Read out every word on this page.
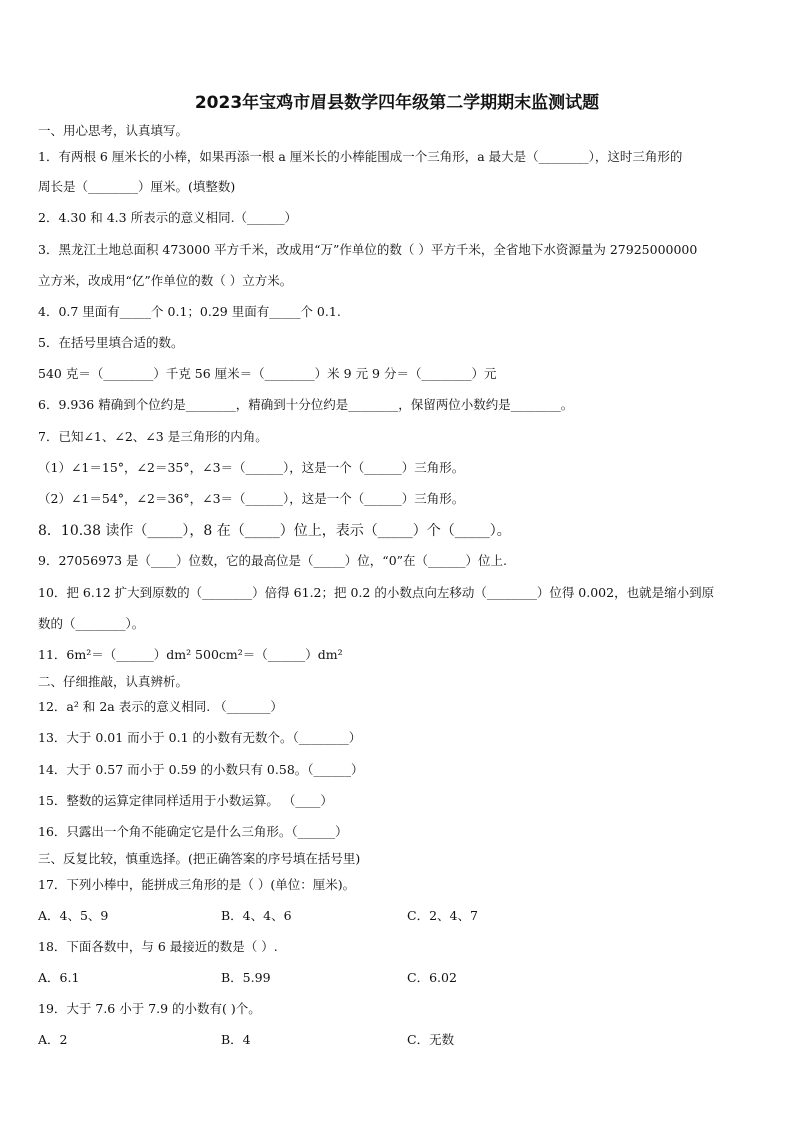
2023年宝鸡市眉县数学四年级第二学期期末监测试题
一、用心思考，认真填写。
1．有两根 6 厘米长的小棒，如果再添一根 a 厘米长的小棒能围成一个三角形，a 最大是（________），这时三角形的
周长是（________）厘米。(填整数)
2．4.30 和 4.3 所表示的意义相同.（______）
3．黑龙江土地总面积 473000 平方千米，改成用“万”作单位的数（ ）平方千米，全省地下水资源量为 27925000000
立方米，改成用“亿”作单位的数（ ）立方米。
4．0.7 里面有_____个 0.1；0.29 里面有_____个 0.1.
5．在括号里填合适的数。
540 克＝（________）千克 56 厘米＝（________）米 9 元 9 分＝（________）元
6．9.936 精确到个位约是________，精确到十分位约是________，保留两位小数约是________。
7．已知∠1、∠2、∠3 是三角形的内角。
（1）∠1＝15°，∠2＝35°，∠3＝（______），这是一个（______）三角形。
（2）∠1＝54°，∠2＝36°，∠3＝（______），这是一个（______）三角形。
8．10.38 读作（_____），8 在（_____）位上，表示（_____）个（_____）。
9．27056973 是（____）位数，它的最高位是（_____）位，“0”在（______）位上.
10．把 6.12 扩大到原数的（________）倍得 61.2；把 0.2 的小数点向左移动（________）位得 0.002，也就是缩小到原
数的（________）。
11．6m²＝（______）dm² 500cm²＝（______）dm²
二、仔细推敲，认真辨析。
12．a² 和 2a 表示的意义相同. （_______）
13．大于 0.01 而小于 0.1 的小数有无数个。（________）
14．大于 0.57 而小于 0.59 的小数只有 0.58。（______）
15．整数的运算定律同样适用于小数运算。 （____）
16．只露出一个角不能确定它是什么三角形。（______）
三、反复比较，慎重选择。(把正确答案的序号填在括号里)
17．下列小棒中，能拼成三角形的是（ ）(单位：厘米)。
A．4、5、9	B．4、4、6	C．2、4、7
18．下面各数中，与 6 最接近的数是（ ）.
A．6.1	B．5.99	C．6.02
19．大于 7.6 小于 7.9 的小数有( )个。
A．2	B．4	C．无数
